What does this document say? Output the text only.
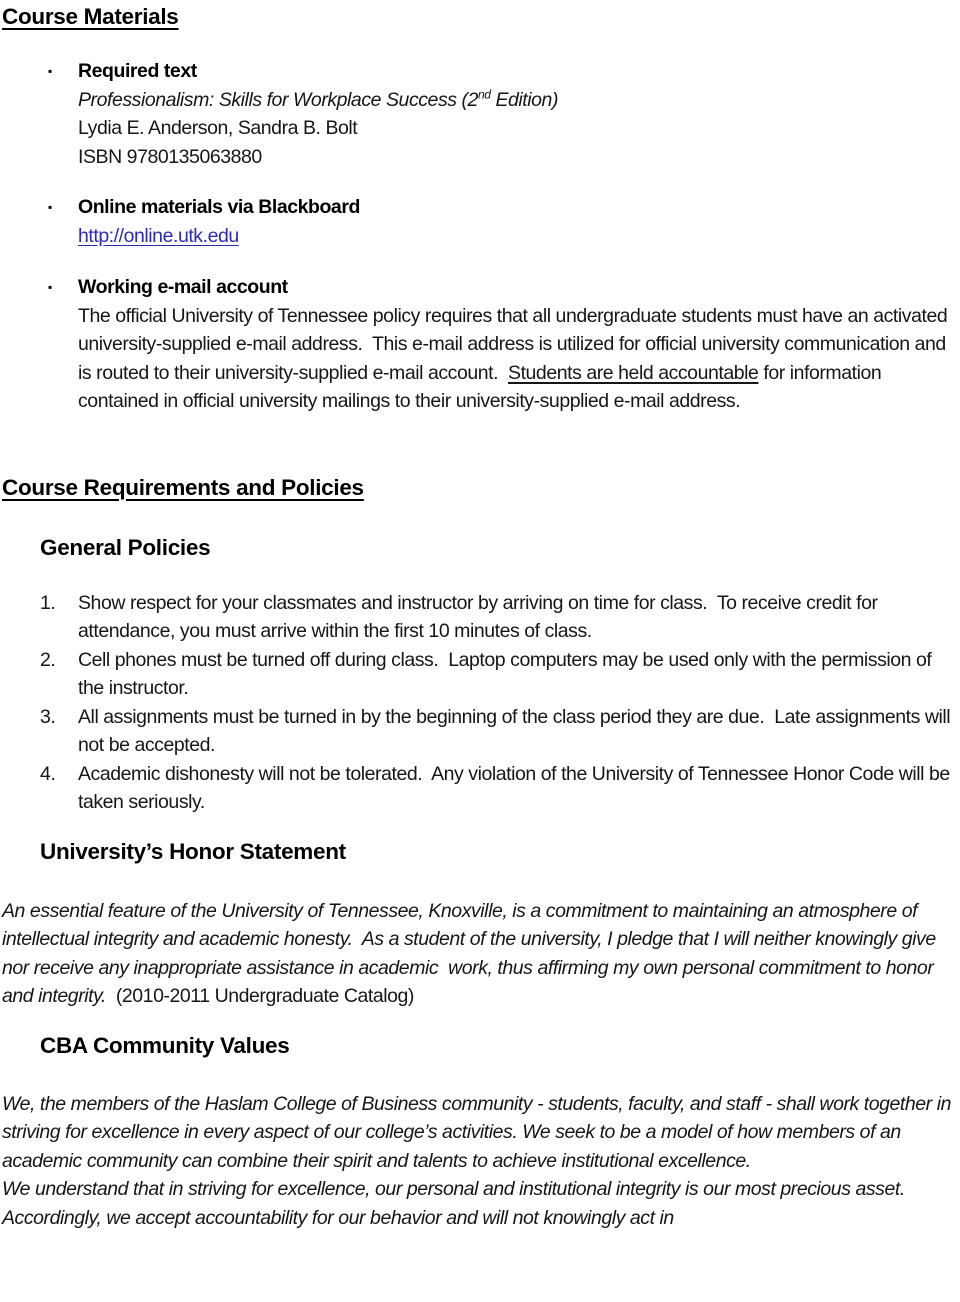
Course Materials
▪	Required text
Professionalism: Skills for Workplace Success (2nd Edition)
Lydia E. Anderson, Sandra B. Bolt
ISBN 9780135063880
▪	Online materials via Blackboard
http://online.utk.edu
▪	Working e-mail account

The official University of Tennessee policy requires that all undergraduate students must have an activated university-supplied e-mail address.  This e-mail address is utilized for official university communication and is routed to their university-supplied e-mail account.  Students are held accountable for information contained in official university mailings to their university-supplied e-mail address.

Course Requirements and Policies
General Policies
1.	Show respect for your classmates and instructor by arriving on time for class.  To receive credit for attendance, you must arrive within the first 10 minutes of class.
2.	Cell phones must be turned off during class.  Laptop computers may be used only with the permission of the instructor.
3.	All assignments must be turned in by the beginning of the class period they are due.  Late assignments will not be accepted.
4.	Academic dishonesty will not be tolerated.  Any violation of the University of Tennessee Honor Code will be taken seriously.
University’s Honor Statement

An essential feature of the University of Tennessee, Knoxville, is a commitment to maintaining an atmosphere of intellectual integrity and academic honesty.  As a student of the university, I pledge that I will neither knowingly give nor receive any inappropriate assistance in academic  work, thus affirming my own personal commitment to honor and integrity.  (2010-2011 Undergraduate Catalog)

CBA Community Values

We, the members of the Haslam College of Business community - students, faculty, and staff - shall work together in striving for excellence in every aspect of our college’s activities. We seek to be a model of how members of an academic community can combine their spirit and talents to achieve institutional excellence.

We understand that in striving for excellence, our personal and institutional integrity is our most precious asset. Accordingly, we accept accountability for our behavior and will not knowingly act in
